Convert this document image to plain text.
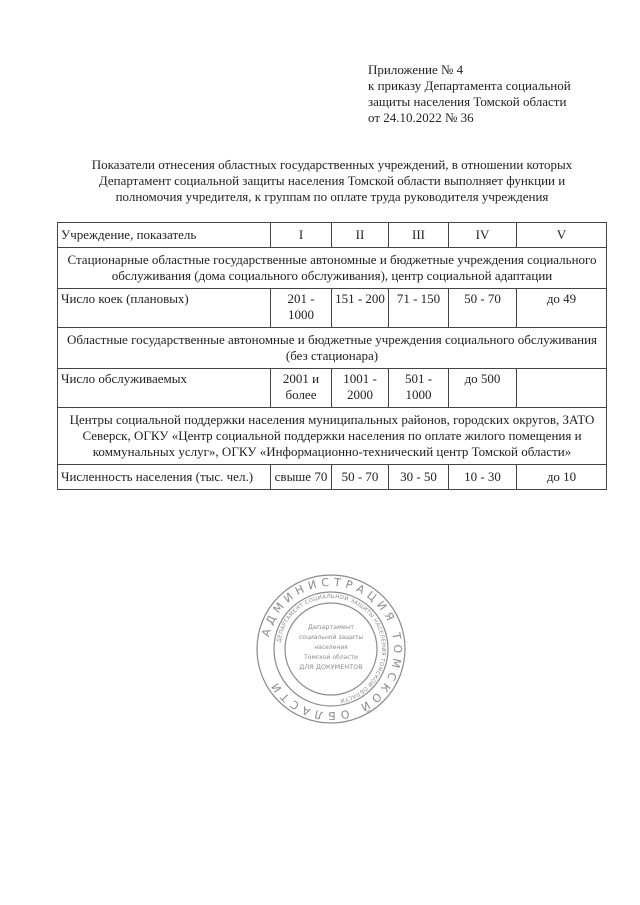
Приложение № 4
к приказу Департамента социальной
защиты населения Томской области
от 24.10.2022 № 36
Показатели отнесения областных государственных учреждений, в отношении которых
Департамент социальной защиты населения Томской области выполняет функции и
полномочия учредителя, к группам по оплате труда руководителя учреждения
Учреждение, показатель	I	II	III	IV	V
Стационарные областные государственные автономные и бюджетные учреждения социального обслуживания (дома социального обслуживания), центр социальной адаптации					
Число коек (плановых)	201 - 1000	151 - 200	71 - 150	50 - 70	до 49
Областные государственные автономные и бюджетные учреждения социального обслуживания (без стационара)					
Число обслуживаемых	2001 и более	1001 - 2000	501 - 1000	до 500	
Центры социальной поддержки населения муниципальных районов, городских округов, ЗАТО Северск, ОГКУ «Центр социальной поддержки населения по оплате жилого помещения и коммунальных услуг», ОГКУ «Информационно-технический центр Томской области»					
Численность населения (тыс. чел.)	свыше 70	50 - 70	30 - 50	10 - 30	до 10
АДМИНИСТРАЦИЯ ТОМСКОЙ ОБЛАСТИ
ДЕПАРТАМЕНТ СОЦИАЛЬНОЙ ЗАЩИТЫ НАСЕЛЕНИЯ ТОМСКОЙ ОБЛАСТИ
Департамент
социальной защиты
населения
Томской области
ДЛЯ ДОКУМЕНТОВ
